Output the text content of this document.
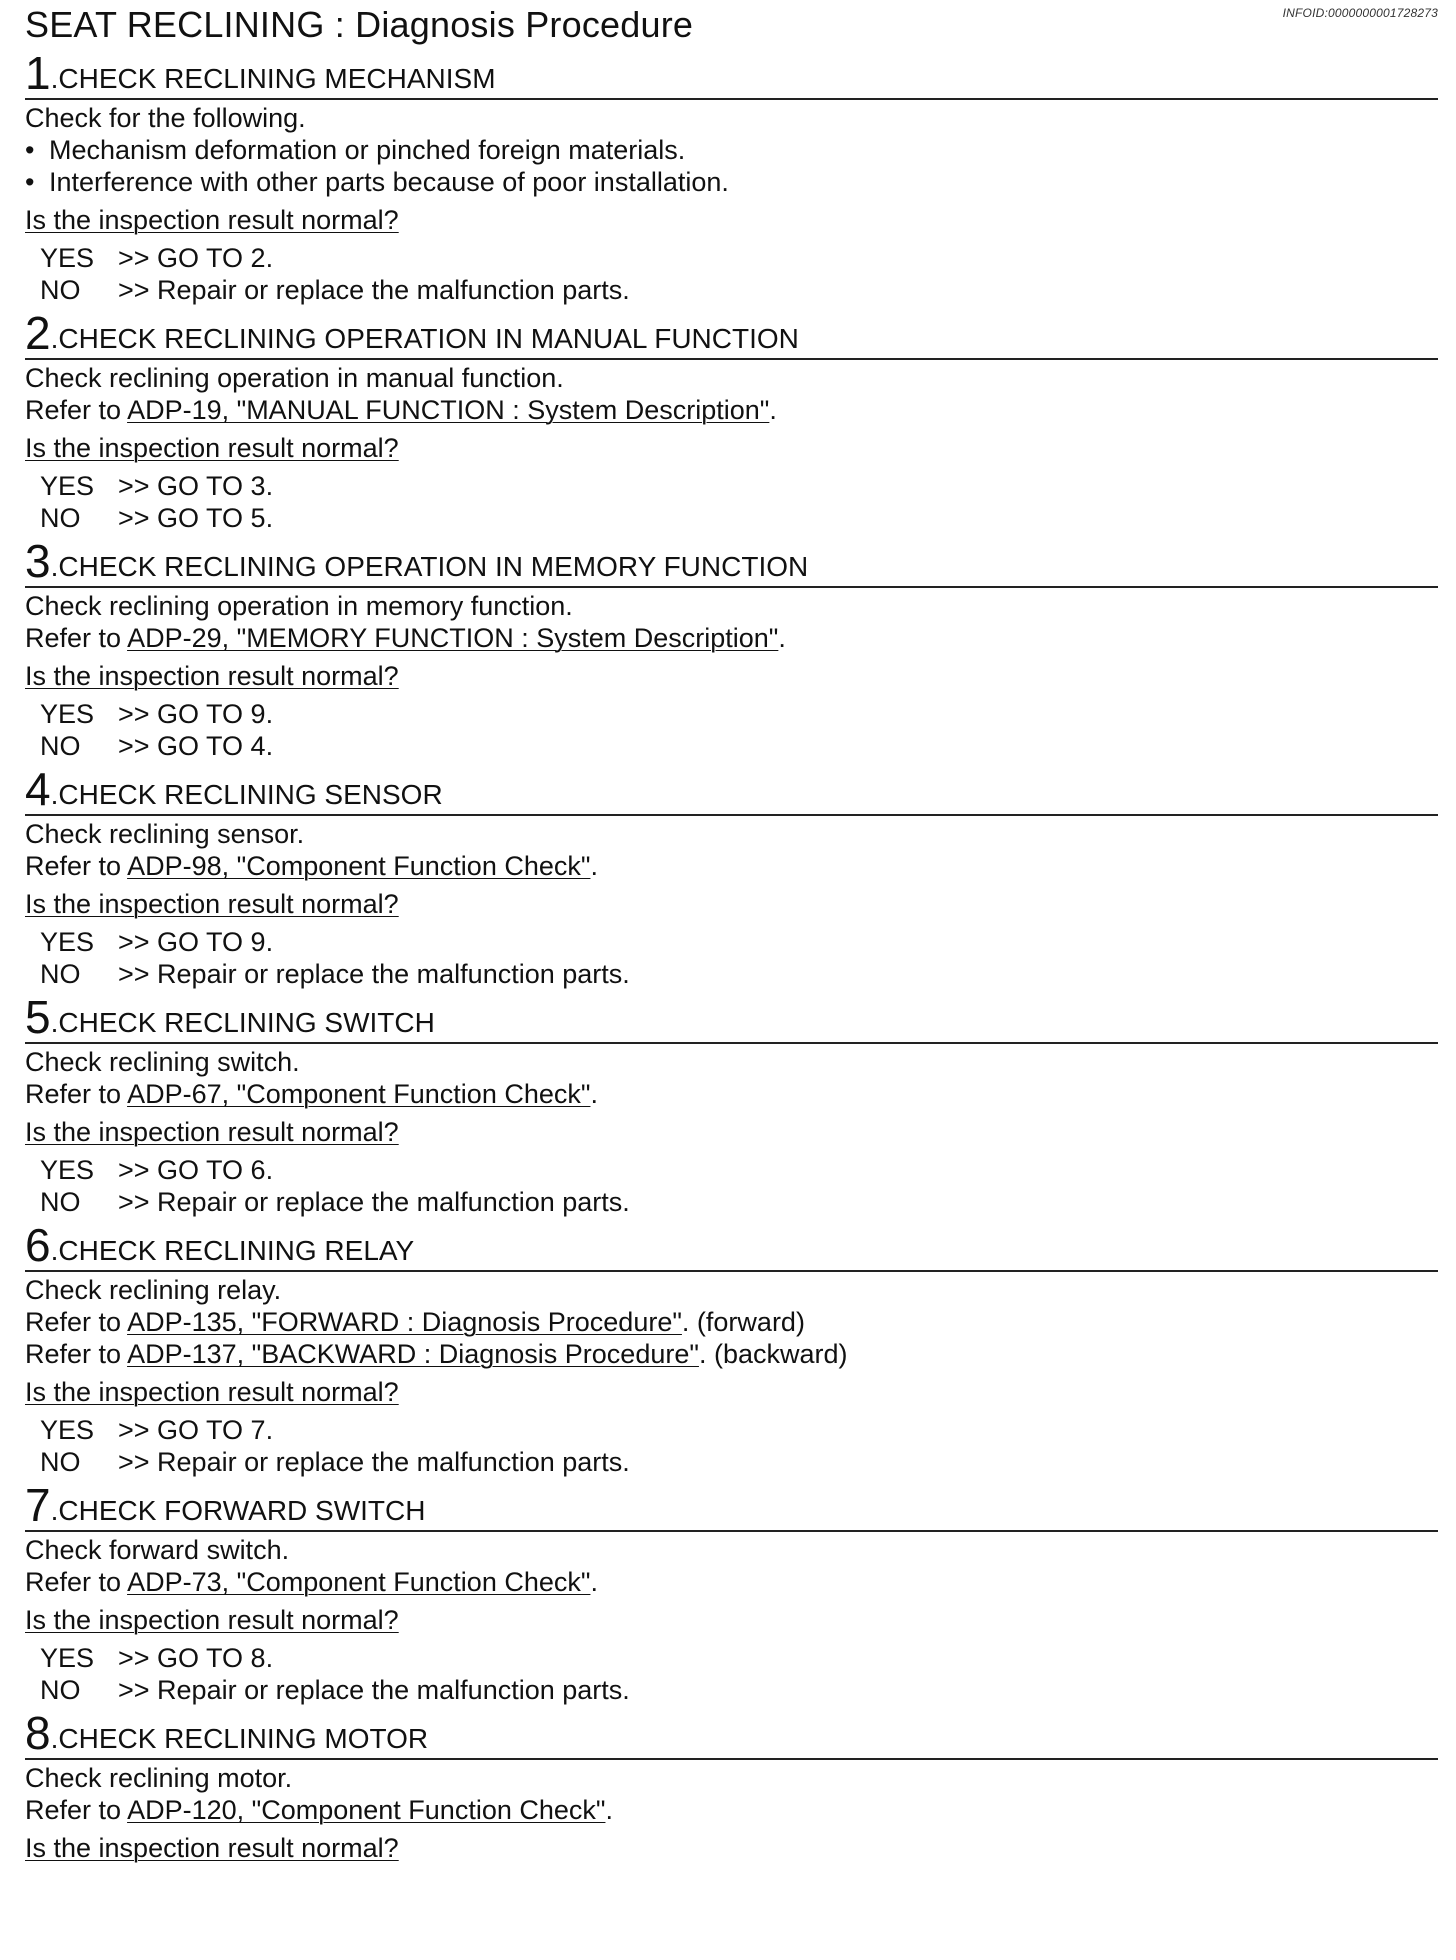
INFOID:0000000001728273
SEAT RECLINING : Diagnosis Procedure
1 . CHECK RECLINING MECHANISM
Check for the following.
• Mechanism deformation or pinched foreign materials.
• Interference with other parts because of poor installation.
Is the inspection result normal?
YES >> GO TO 2.
NO	>> Repair or replace the malfunction parts.
2 . CHECK RECLINING OPERATION IN MANUAL FUNCTION
Check reclining operation in manual function.
Refer to ADP-19, "MANUAL FUNCTION : System Description".
Is the inspection result normal?
YES >> GO TO 3.
NO	>> GO TO 5.
3 . CHECK RECLINING OPERATION IN MEMORY FUNCTION
Check reclining operation in memory function.
Refer to ADP-29, "MEMORY FUNCTION : System Description".
Is the inspection result normal?
YES >> GO TO 9.
NO	>> GO TO 4.
4 . CHECK RECLINING SENSOR
Check reclining sensor.
Refer to ADP-98, "Component Function Check".
Is the inspection result normal?
YES >> GO TO 9.
NO	>> Repair or replace the malfunction parts.
5 . CHECK RECLINING SWITCH
Check reclining switch.
Refer to ADP-67, "Component Function Check".
Is the inspection result normal?
YES >> GO TO 6.
NO	>> Repair or replace the malfunction parts.
6 . CHECK RECLINING RELAY
Check reclining relay.
Refer to ADP-135, "FORWARD : Diagnosis Procedure". (forward)
Refer to ADP-137, "BACKWARD : Diagnosis Procedure". (backward)
Is the inspection result normal?
YES >> GO TO 7.
NO	>> Repair or replace the malfunction parts.
7 . CHECK FORWARD SWITCH
Check forward switch.
Refer to ADP-73, "Component Function Check".
Is the inspection result normal?
YES >> GO TO 8.
NO	>> Repair or replace the malfunction parts.
8 . CHECK RECLINING MOTOR
Check reclining motor.
Refer to ADP-120, "Component Function Check".
Is the inspection result normal?
